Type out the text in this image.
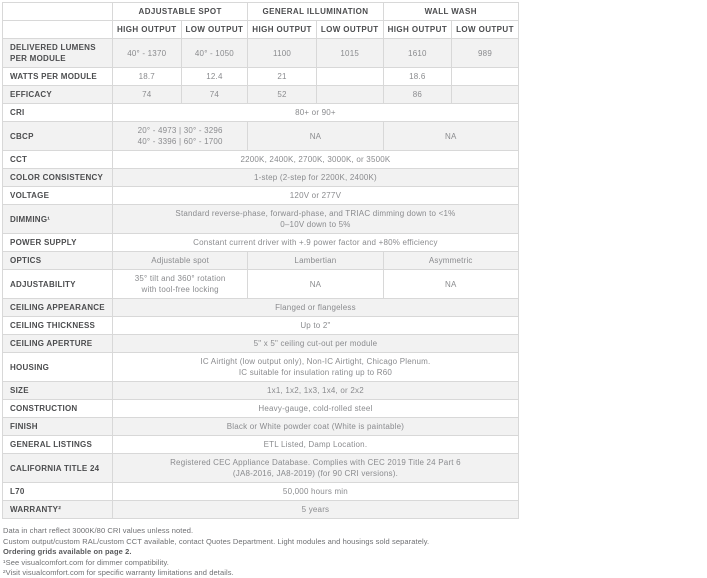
	ADJUSTABLE SPOT		GENERAL ILLUMINATION		WALL WASH	
	HIGH OUTPUT	LOW OUTPUT	HIGH OUTPUT	LOW OUTPUT	HIGH OUTPUT	LOW OUTPUT
DELIVERED LUMENS PER MODULE	40° - 1370	40° - 1050	1100	1015	1610	989
WATTS PER MODULE	18.7	12.4	21		18.6	
EFFICACY	74	74	52		86	
CRI	80+ or 90+					
CBCP	20° - 4973 | 30° - 3296
40° - 3396 | 60° - 1700		NA		NA	
CCT	2200K, 2400K, 2700K, 3000K, or 3500K					
COLOR CONSISTENCY	1-step (2-step for 2200K, 2400K)					
VOLTAGE	120V or 277V					
DIMMING¹	Standard reverse-phase, forward-phase, and TRIAC dimming down to <1%
0–10V down to 5%					

POWER SUPPLY	Constant current driver with +.9 power factor and +80% efficiency					
OPTICS	Adjustable spot		Lambertian		Asymmetric	
ADJUSTABILITY	35° tilt and 360° rotation
with tool-free locking		NA		NA	
CEILING APPEARANCE	Flanged or flangeless					
CEILING THICKNESS	Up to 2"					
CEILING APERTURE	5" x 5" ceiling cut-out per module					
HOUSING	IC Airtight (low output only), Non-IC Airtight, Chicago Plenum.
IC suitable for insulation rating up to R60					

SIZE	1x1, 1x2, 1x3, 1x4, or 2x2					
CONSTRUCTION	Heavy-gauge, cold-rolled steel					
FINISH	Black or White powder coat (White is paintable)					
GENERAL LISTINGS	ETL Listed, Damp Location.					
CALIFORNIA TITLE 24	Registered CEC Appliance Database. Complies with CEC 2019 Title 24 Part 6
(JA8-2016, JA8-2019) (for 90 CRI versions).					

L70	50,000 hours min					
WARRANTY²	5 years					

Data in chart reflect 3000K/80 CRI values unless noted.

Custom output/custom RAL/custom CCT available, contact Quotes Department. Light modules and housings sold separately.

Ordering grids available on page 2.

¹See visualcomfort.com for dimmer compatibility.

²Visit visualcomfort.com for specific warranty limitations and details.
